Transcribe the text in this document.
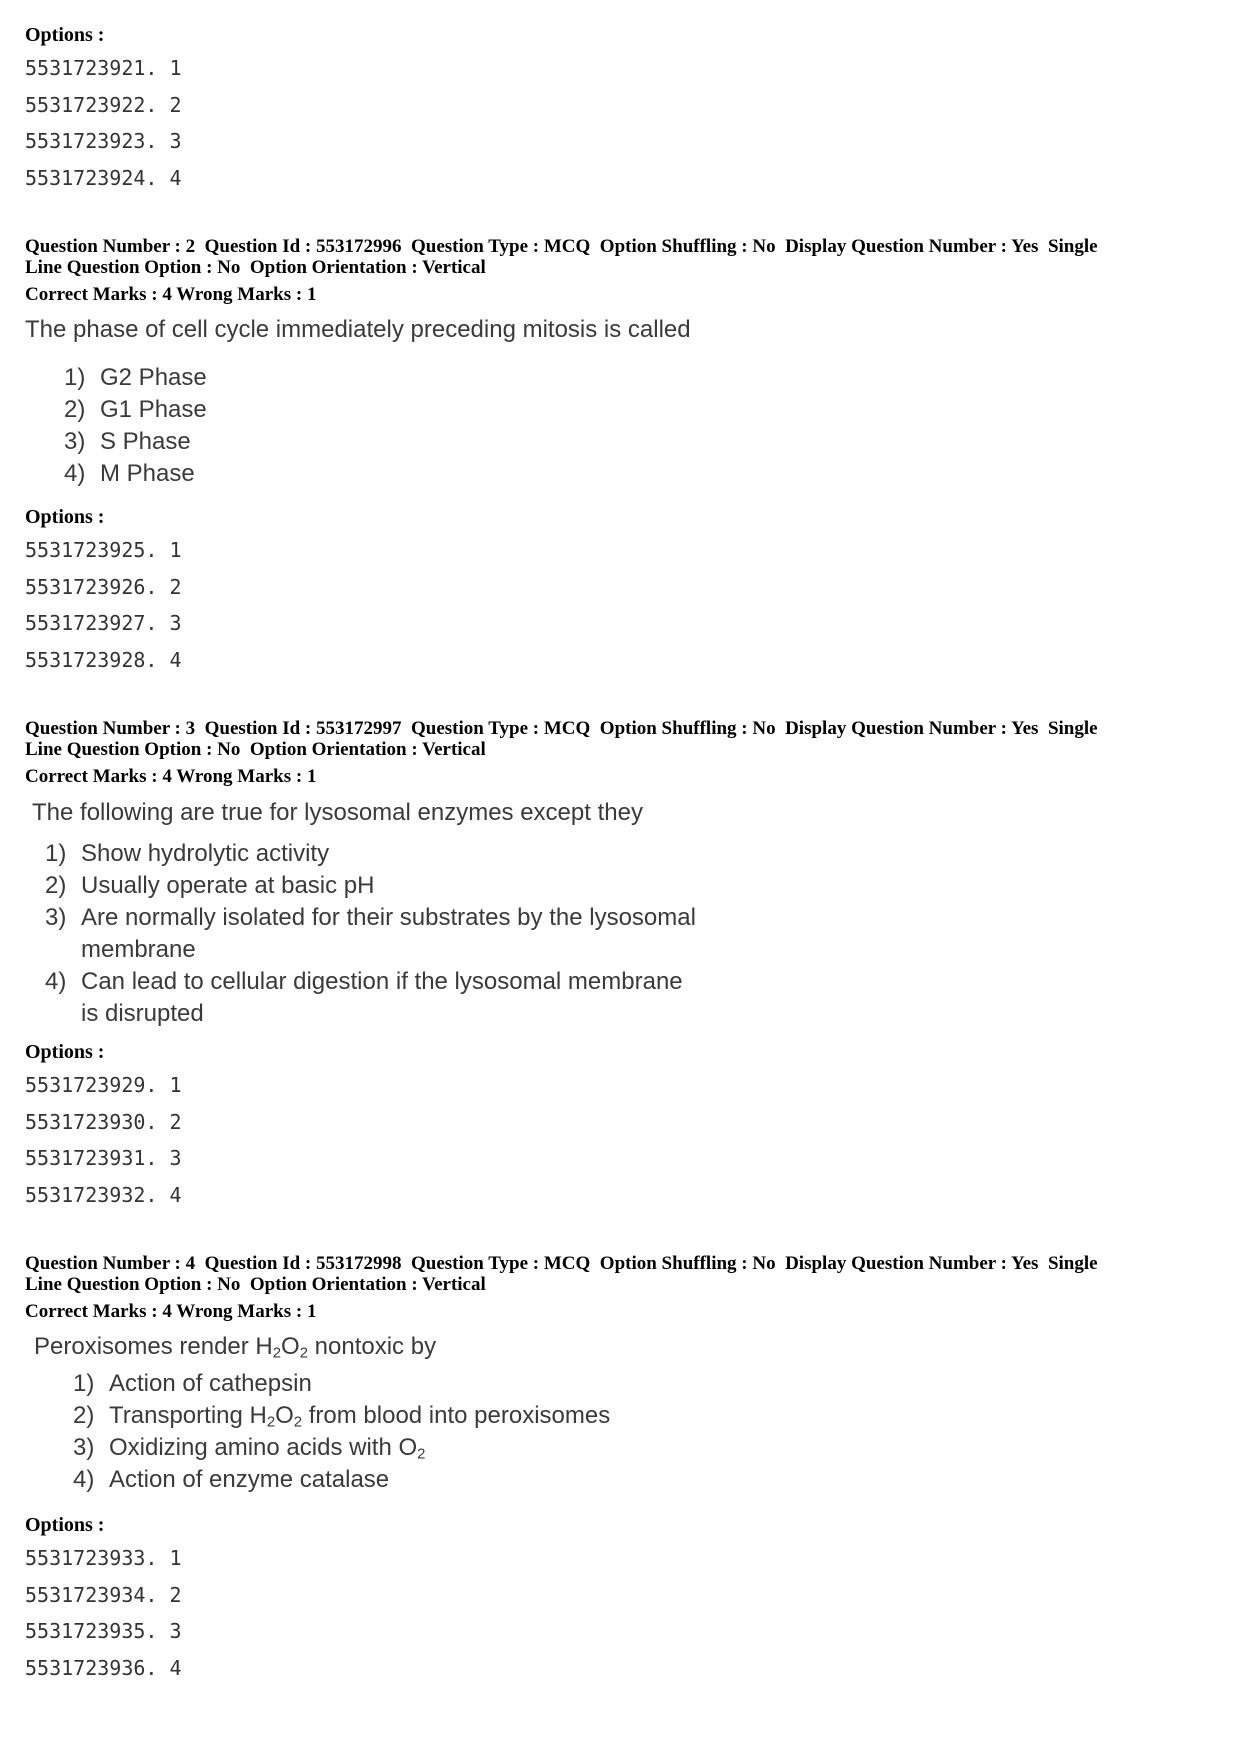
Options :

5531723921. 1
5531723922. 2
5531723923. 3
5531723924. 4

Question Number : 2  Question Id : 553172996  Question Type : MCQ  Option Shuffling : No  Display Question Number : Yes  Single
Line Question Option : No  Option Orientation : Vertical

Correct Marks : 4 Wrong Marks : 1

The phase of cell cycle immediately preceding mitosis is called

1) G2 Phase
2) G1 Phase
3) S Phase
4) M Phase

Options :

5531723925. 1
5531723926. 2
5531723927. 3
5531723928. 4

Question Number : 3  Question Id : 553172997  Question Type : MCQ  Option Shuffling : No  Display Question Number : Yes  Single
Line Question Option : No  Option Orientation : Vertical

Correct Marks : 4 Wrong Marks : 1

The following are true for lysosomal enzymes except they

1) Show hydrolytic activity
2) Usually operate at basic pH
3) Are normally isolated for their substrates by the lysosomal
membrane
4) Can lead to cellular digestion if the lysosomal membrane
is disrupted

Options :

5531723929. 1
5531723930. 2
5531723931. 3
5531723932. 4

Question Number : 4  Question Id : 553172998  Question Type : MCQ  Option Shuffling : No  Display Question Number : Yes  Single
Line Question Option : No  Option Orientation : Vertical

Correct Marks : 4 Wrong Marks : 1

Peroxisomes render $H_2O_2$ nontoxic by

1) Action of cathepsin
2) Transporting $H_2O_2$ from blood into peroxisomes
3) Oxidizing amino acids with $O_2$
4) Action of enzyme catalase

Options :

5531723933. 1
5531723934. 2
5531723935. 3
5531723936. 4
